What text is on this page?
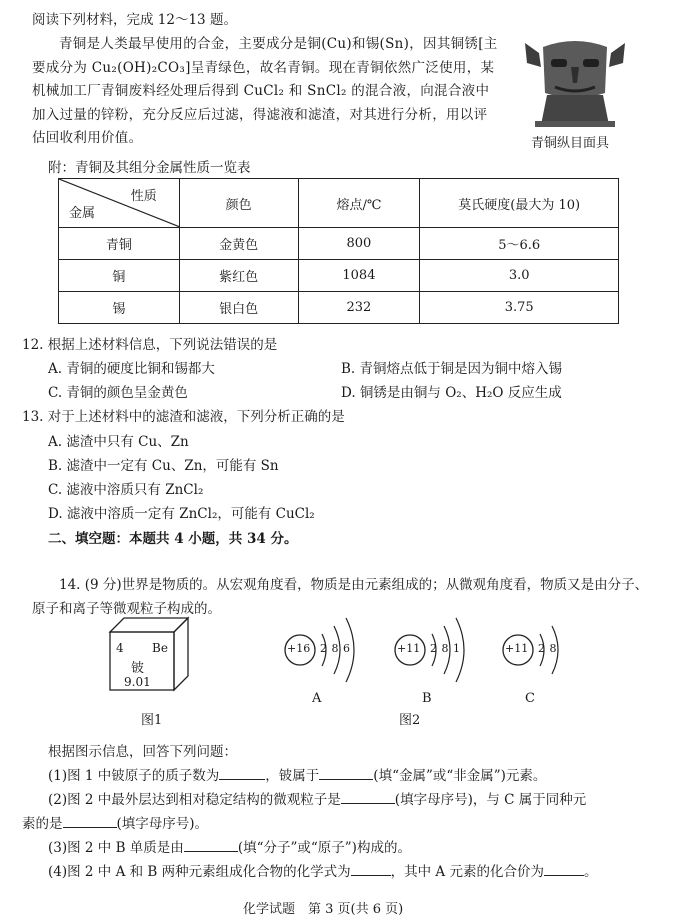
阅读下列材料，完成 12～13 题。
青铜是人类最早使用的合金，主要成分是铜(Cu)和锡(Sn)，因其铜锈[主要成分为 Cu₂(OH)₂CO₃]呈青绿色，故名青铜。现在青铜依然广泛使用，某机械加工厂青铜废料经处理后得到 CuCl₂ 和 SnCl₂ 的混合液，向混合液中加入过量的锌粉，充分反应后过滤，得滤液和滤渣，对其进行分析，用以评估回收利用价值。	青铜纵目面具
附：青铜及其组分金属性质一览表
性质
金属	颜色	熔点/℃	莫氏硬度(最大为 10)
青铜	金黄色	800	5～6.6
铜	紫红色	1084	3.0
锡	银白色	232	3.75
12. 根据上述材料信息，下列说法错误的是
A. 青铜的硬度比铜和锡都大	B. 青铜熔点低于铜是因为铜中熔入锡
C. 青铜的颜色呈金黄色	D. 铜锈是由铜与 O₂、H₂O 反应生成
13. 对于上述材料中的滤渣和滤液，下列分析正确的是
A. 滤渣中只有 Cu、Zn
B. 滤渣中一定有 Cu、Zn，可能有 Sn
C. 滤液中溶质只有 ZnCl₂
D. 滤液中溶质一定有 ZnCl₂，可能有 CuCl₂
二、填空题：本题共 4 小题，共 34 分。
14. (9 分)世界是物质的。从宏观角度看，物质是由元素组成的；从微观角度看，物质又是由分子、原子和离子等微观粒子构成的。
4 Be
铍
9.01
图1
+16 2 8 6
A
+11 2 8 1
B
+11 2 8
C
图2
根据图示信息，回答下列问题：
(1)图 1 中铍原子的质子数为	，铍属于	(填“金属”或“非金属”)元素。
(2)图 2 中最外层达到相对稳定结构的微观粒子是	(填字母序号)，与 C 属于同种元
素的是	(填字母序号)。
(3)图 2 中 B 单质是由	(填“分子”或“原子”)构成的。
(4)图 2 中 A 和 B 两种元素组成化合物的化学式为	，其中 A 元素的化合价为	。
化学试题　第 3 页(共 6 页)
